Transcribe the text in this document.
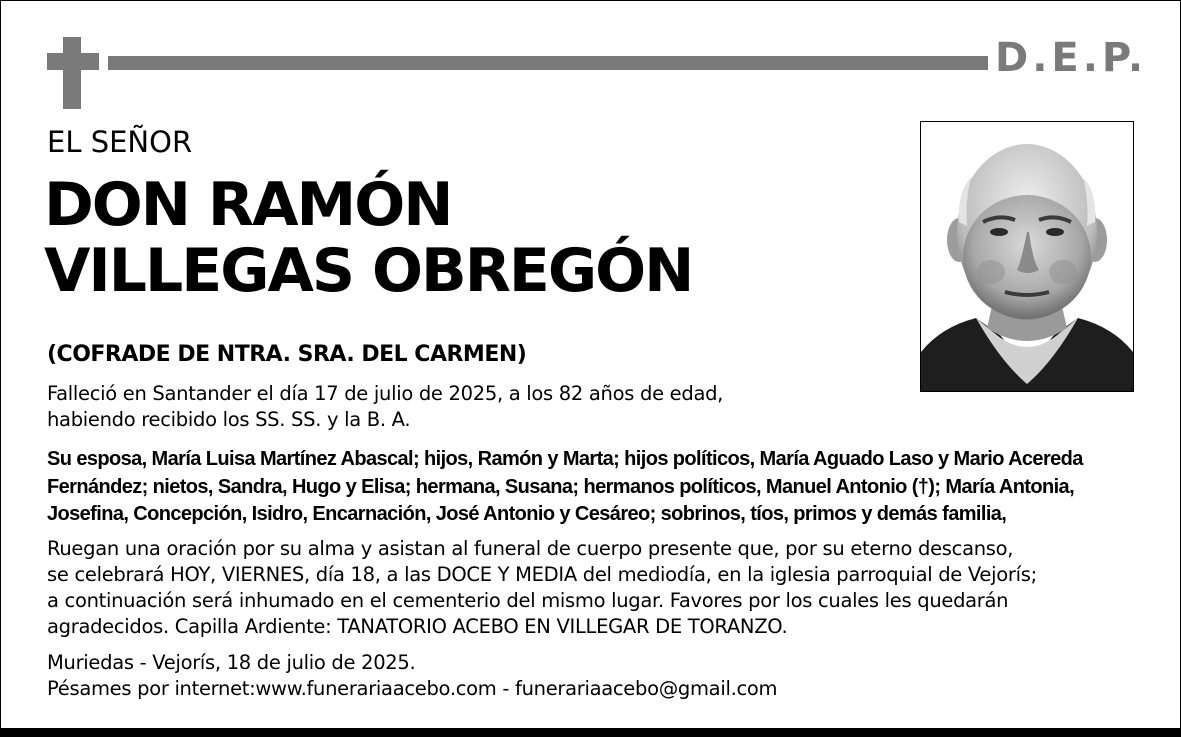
D.E.P.
EL SEÑOR
DON RAMÓN
VILLEGAS OBREGÓN
(COFRADE DE NTRA. SRA. DEL CARMEN)
Falleció en Santander el día 17 de julio de 2025, a los 82 años de edad,
habiendo recibido los SS. SS. y la B. A.
Su esposa, María Luisa Martínez Abascal; hijos, Ramón y Marta; hijos políticos, María Aguado Laso y Mario Acereda
Fernández; nietos, Sandra, Hugo y Elisa; hermana, Susana; hermanos políticos, Manuel Antonio (†); María Antonia,
Josefina, Concepción, Isidro, Encarnación, José Antonio y Cesáreo; sobrinos, tíos, primos y demás familia,
Ruegan una oración por su alma y asistan al funeral de cuerpo presente que, por su eterno descanso,
se celebrará HOY, VIERNES, día 18, a las DOCE Y MEDIA del mediodía, en la iglesia parroquial de Vejorís;
a continuación será inhumado en el cementerio del mismo lugar. Favores por los cuales les quedarán
agradecidos. Capilla Ardiente: TANATORIO ACEBO EN VILLEGAR DE TORANZO.
Muriedas - Vejorís, 18 de julio de 2025.
Pésames por internet:www.funerariaacebo.com - funerariaacebo@gmail.com
